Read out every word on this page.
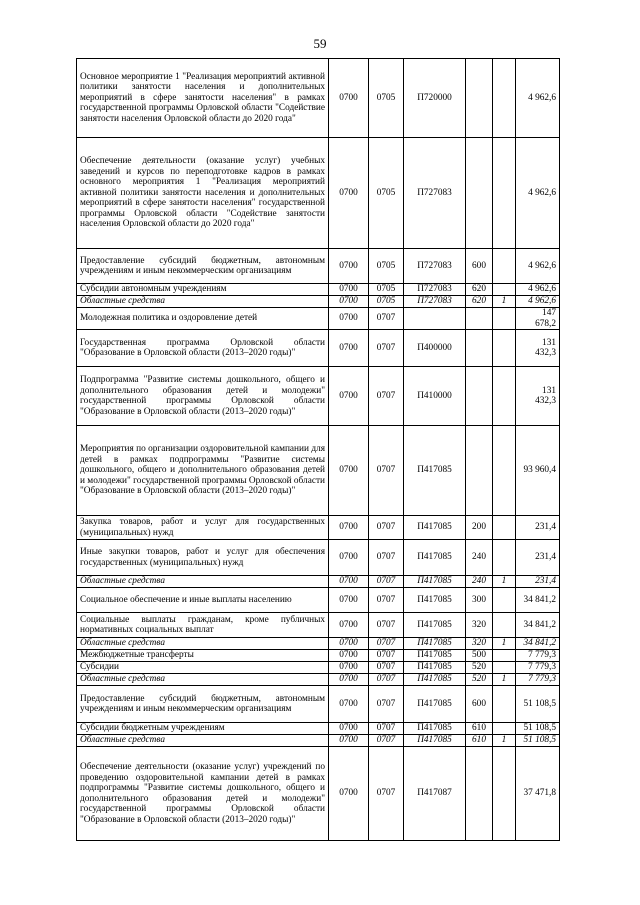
59
Основное мероприятие 1 "Реализация мероприятий активной политики занятости населения и дополнительных мероприятий в сфере занятости населения" в рамках государственной программы Орловской области "Содействие занятости населения Орловской области до 2020 года"	0700	0705	П720000			4 962,6
Обеспечение деятельности (оказание услуг) учебных заведений и курсов по переподготовке кадров в рамках основного мероприятия 1 "Реализация мероприятий активной политики занятости населения и дополнительных мероприятий в сфере занятости населения" государственной программы Орловской области "Содействие занятости населения Орловской области до 2020 года"	0700	0705	П727083			4 962,6
Предоставление субсидий бюджетным, автономным учреждениям и иным некоммерческим организациям	0700	0705	П727083	600		4 962,6
Субсидии автономным учреждениям	0700	0705	П727083	620		4 962,6
Областные средства	0700	0705	П727083	620	1	4 962,6
Молодежная политика и оздоровление детей	0700	0707				147 678,2
Государственная программа Орловской области "Образование в Орловской области (2013–2020 годы)"	0700	0707	П400000			131 432,3
Подпрограмма "Развитие системы дошкольного, общего и дополнительного образования детей и молодежи" государственной программы Орловской области "Образование в Орловской области (2013–2020 годы)"	0700	0707	П410000			131 432,3
Мероприятия по организации оздоровительной кампании для детей в рамках подпрограммы "Развитие системы дошкольного, общего и дополнительного образования детей и молодежи" государственной программы Орловской области "Образование в Орловской области (2013–2020 годы)"	0700	0707	П417085			93 960,4
Закупка товаров, работ и услуг для государственных (муниципальных) нужд	0700	0707	П417085	200		231,4
Иные закупки товаров, работ и услуг для обеспечения государственных (муниципальных) нужд	0700	0707	П417085	240		231,4
Областные средства	0700	0707	П417085	240	1	231,4
Социальное обеспечение и иные выплаты населению	0700	0707	П417085	300		34 841,2
Социальные выплаты гражданам, кроме публичных нормативных социальных выплат	0700	0707	П417085	320		34 841,2
Областные средства	0700	0707	П417085	320	1	34 841,2
Межбюджетные трансферты	0700	0707	П417085	500		7 779,3
Субсидии	0700	0707	П417085	520		7 779,3
Областные средства	0700	0707	П417085	520	1	7 779,3
Предоставление субсидий бюджетным, автономным учреждениям и иным некоммерческим организациям	0700	0707	П417085	600		51 108,5
Субсидии бюджетным учреждениям	0700	0707	П417085	610		51 108,5
Областные средства	0700	0707	П417085	610	1	51 108,5
Обеспечение деятельности (оказание услуг) учреждений по проведению оздоровительной кампании детей в рамках подпрограммы "Развитие системы дошкольного, общего и дополнительного образования детей и молодежи" государственной программы Орловской области "Образование в Орловской области (2013–2020 годы)"	0700	0707	П417087			37 471,8
